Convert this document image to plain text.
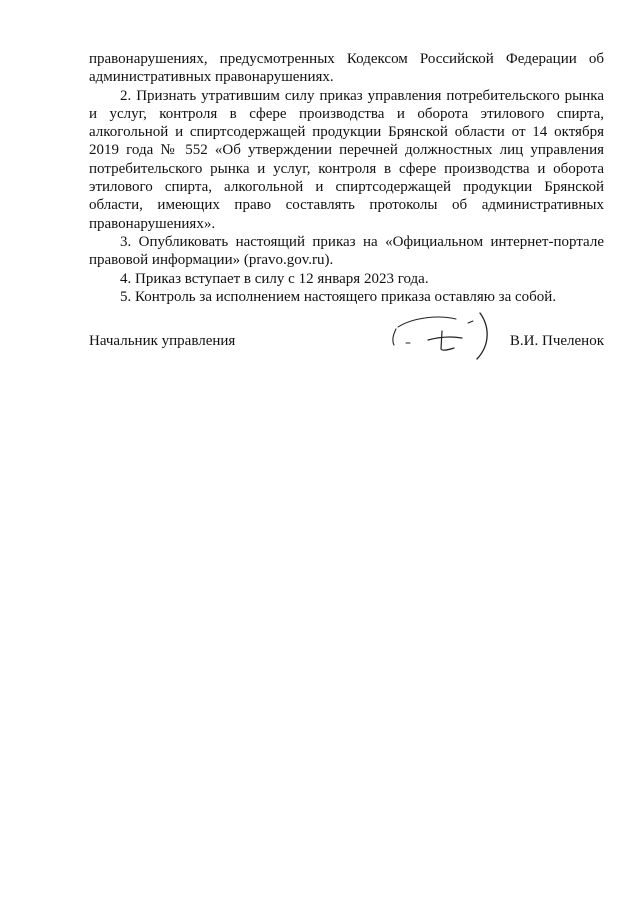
правонарушениях, предусмотренных Кодексом Российской Федерации об административных правонарушениях.

2. Признать утратившим силу приказ управления потребительского рынка и услуг, контроля в сфере производства и оборота этилового спирта, алкогольной и спиртсодержащей продукции Брянской области от 14 октября 2019 года № 552 «Об утверждении перечней должностных лиц управления потребительского рынка и услуг, контроля в сфере производства и оборота этилового спирта, алкогольной и спиртсодержащей продукции Брянской области, имеющих право составлять протоколы об административных правонарушениях».

3. Опубликовать настоящий приказ на «Официальном интернет-портале правовой информации» (pravo.gov.ru).

4. Приказ вступает в силу с 12 января 2023 года.

5. Контроль за исполнением настоящего приказа оставляю за собой.

Начальник управления	В.И. Пчеленок
